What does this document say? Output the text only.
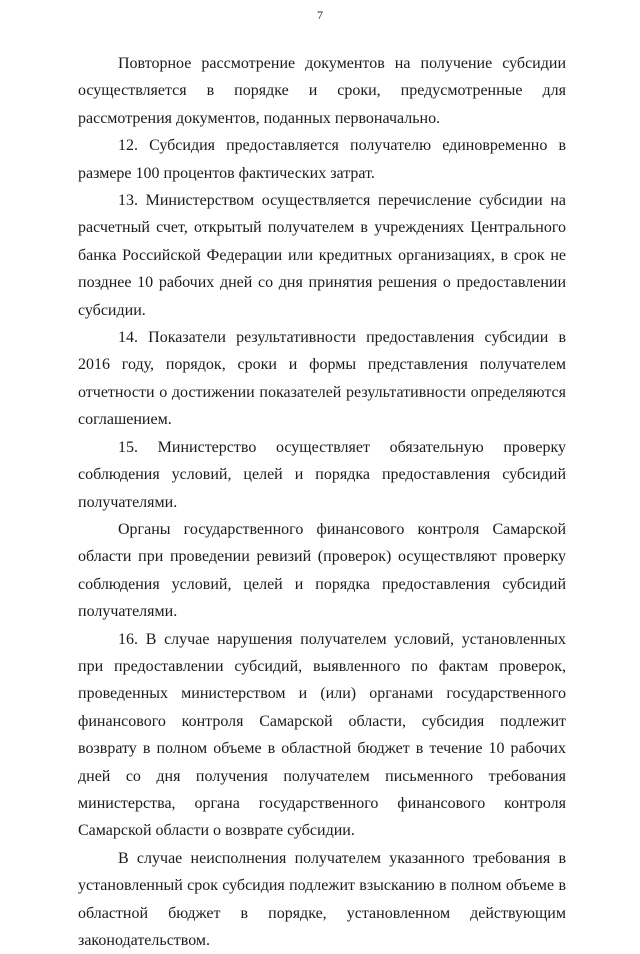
7

Повторное рассмотрение документов на получение субсидии осуществляется в порядке и сроки, предусмотренные для рассмотрения документов, поданных первоначально.

12. Субсидия предоставляется получателю единовременно в размере 100 процентов фактических затрат.

13. Министерством осуществляется перечисление субсидии на расчетный счет, открытый получателем в учреждениях Центрального банка Российской Федерации или кредитных организациях, в срок не позднее 10 рабочих дней со дня принятия решения о предоставлении субсидии.

14. Показатели результативности предоставления субсидии в 2016 году, порядок, сроки и формы представления получателем отчетности о достижении показателей результативности определяются соглашением.

15. Министерство осуществляет обязательную проверку соблюдения условий, целей и порядка предоставления субсидий получателями.

Органы государственного финансового контроля Самарской области при проведении ревизий (проверок) осуществляют проверку соблюдения условий, целей и порядка предоставления субсидий получателями.

16. В случае нарушения получателем условий, установленных при предоставлении субсидий, выявленного по фактам проверок, проведенных министерством и (или) органами государственного финансового контроля Самарской области, субсидия подлежит возврату в полном объеме в областной бюджет в течение 10 рабочих дней со дня получения получателем письменного требования министерства, органа государственного финансового контроля Самарской области о возврате субсидии.

В случае неисполнения получателем указанного требования в установленный срок субсидия подлежит взысканию в полном объеме в областной бюджет в порядке, установленном действующим законодательством.
